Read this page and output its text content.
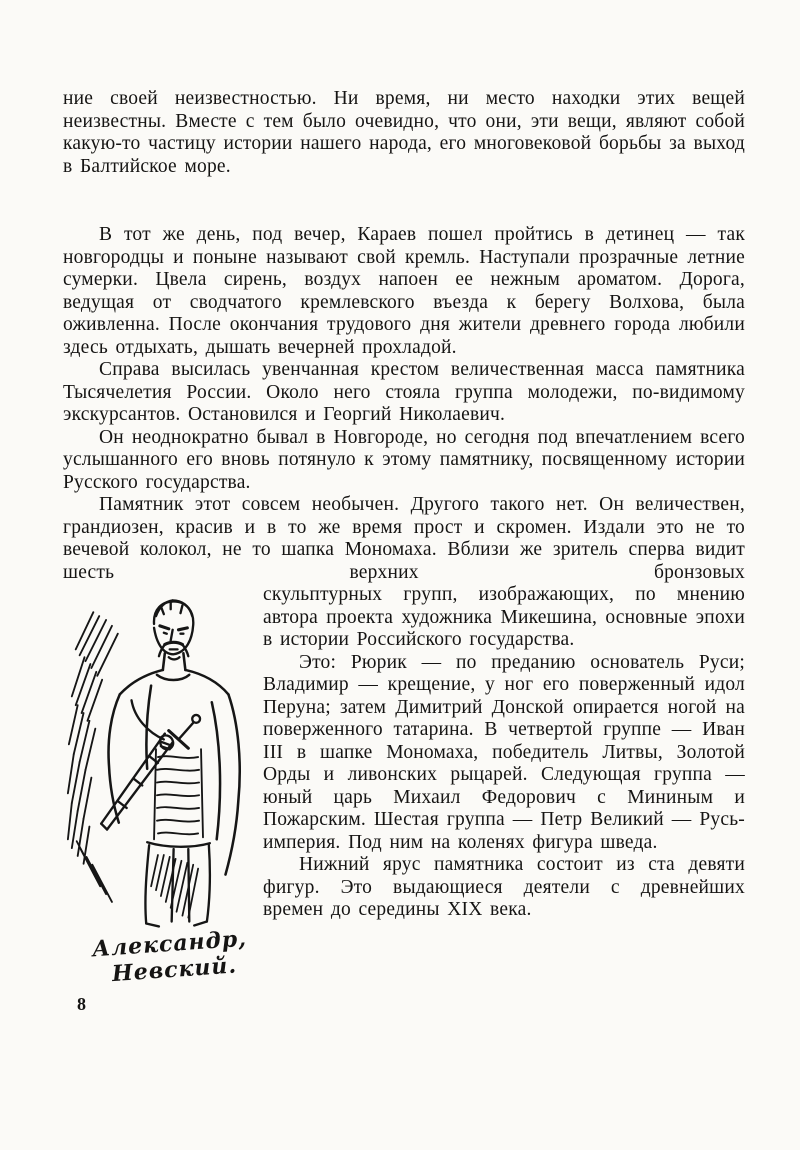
ние своей неизвестностью. Ни время, ни место находки этих вещей неизвестны. Вместе с тем было очевидно, что они, эти вещи, являют собой какую-то частицу истории нашего народа, его многовековой борьбы за выход в Балтийское море.

В тот же день, под вечер, Караев пошел пройтись в детинец — так новгородцы и поныне называют свой кремль. Наступали прозрачные летние сумерки. Цвела сирень, воздух напоен ее нежным ароматом. Дорога, ведущая от сводчатого кремлевского въезда к берегу Волхова, была оживленна. После окончания трудового дня жители древнего города любили здесь отдыхать, дышать вечерней прохладой.

Справа высилась увенчанная крестом величественная масса памятника Тысячелетия России. Около него стояла группа молодежи, по-видимому экскурсантов. Остановился и Георгий Николаевич.

Он неоднократно бывал в Новгороде, но сегодня под впечатлением всего услышанного его вновь потянуло к этому памятнику, посвященному истории Русского государства.

Памятник этот совсем необычен. Другого такого нет. Он величествен, грандиозен, красив и в то же время прост и скромен. Издали это не то вечевой колокол, не то шапка Мономаха. Вблизи же зритель сперва видит шесть верхних бронзовых

Александр,
Невский.

скульптурных групп, изображающих, по мнению автора проекта художника Микешина, основные эпохи в истории Российского государства.

Это: Рюрик — по преданию основатель Руси; Владимир — крещение, у ног его поверженный идол Перуна; затем Димитрий Донской опирается ногой на поверженного татарина. В четвертой группе — Иван III в шапке Мономаха, победитель Литвы, Золотой Орды и ливонских рыцарей. Следующая группа — юный царь Михаил Федорович с Мининым и Пожарским. Шестая группа — Петр Великий — Русь-империя. Под ним на коленях фигура шведа.

Нижний ярус памятника состоит из ста девяти фигур. Это выдающиеся деятели с древнейших времен до середины XIX века.

8
